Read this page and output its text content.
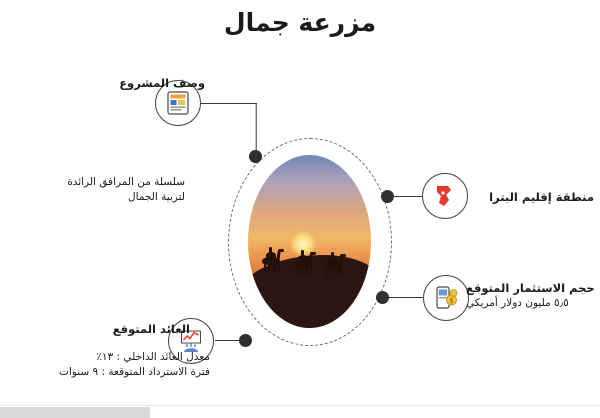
مزرعة جمال
وصف المشروع
سلسلة من المرافق الرائدة
لتربية الجمال	منطقة إقليم البترا
$
حجم الاستثمار المتوقع
٥٫٥ مليون دولار أمريكي
العائد المتوقع
معدل العائد الداخلي : ١٣٪
فترة الاسترداد المتوقعة : ٩ سنوات
